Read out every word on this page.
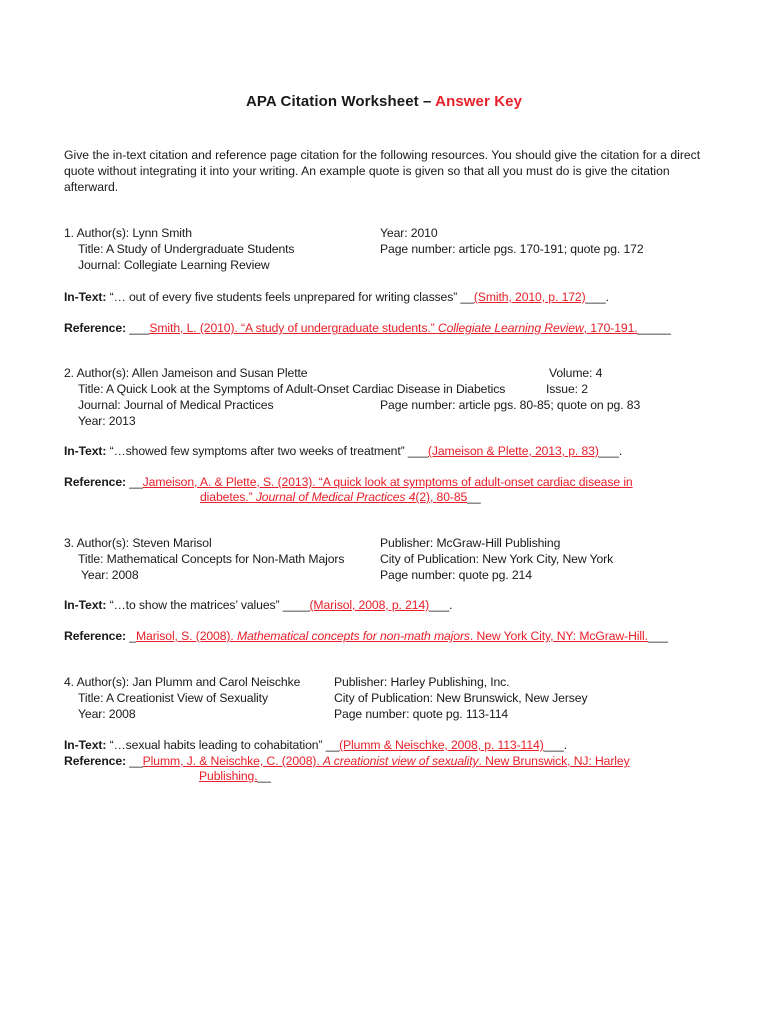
APA Citation Worksheet – Answer Key
Give the in-text citation and reference page citation for the following resources. You should give the citation for a direct quote without integrating it into your writing. An example quote is given so that all you must do is give the citation afterward.
1. Author(s): Lynn Smith
Title: A Study of Undergraduate Students
Journal: Collegiate Learning Review
Year: 2010
Page number: article pgs. 170-191; quote pg. 172
In-Text: “… out of every five students feels unprepared for writing classes” __(Smith, 2010, p. 172)___.
Reference: ___Smith, L. (2010). “A study of undergraduate students.” Collegiate Learning Review, 170-191._____
2. Author(s): Allen Jameison and Susan Plette
Title: A Quick Look at the Symptoms of Adult-Onset Cardiac Disease in Diabetics
Journal: Journal of Medical Practices
Year: 2013
Volume: 4
Issue: 2
Page number: article pgs. 80-85; quote on pg. 83
In-Text: “…showed few symptoms after two weeks of treatment” ___(Jameison & Plette, 2013, p. 83)___.
Reference: __Jameison, A. & Plette, S. (2013). “A quick look at symptoms of adult-onset cardiac disease in
diabetes.” Journal of Medical Practices 4(2), 80-85__
3. Author(s): Steven Marisol
Title: Mathematical Concepts for Non-Math Majors
Year: 2008
Publisher: McGraw-Hill Publishing
City of Publication: New York City, New York
Page number: quote pg. 214
In-Text: “…to show the matrices’ values” ____(Marisol, 2008, p. 214)___.
Reference: _Marisol, S. (2008). Mathematical concepts for non-math majors. New York City, NY: McGraw-Hill.___
4. Author(s): Jan Plumm and Carol Neischke
Title: A Creationist View of Sexuality
Year: 2008
Publisher: Harley Publishing, Inc.
City of Publication: New Brunswick, New Jersey
Page number: quote pg. 113-114
In-Text: “…sexual habits leading to cohabitation” __(Plumm & Neischke, 2008, p. 113-114)___.
Reference: __Plumm, J. & Neischke, C. (2008). A creationist view of sexuality. New Brunswick, NJ: Harley
Publishing.__
